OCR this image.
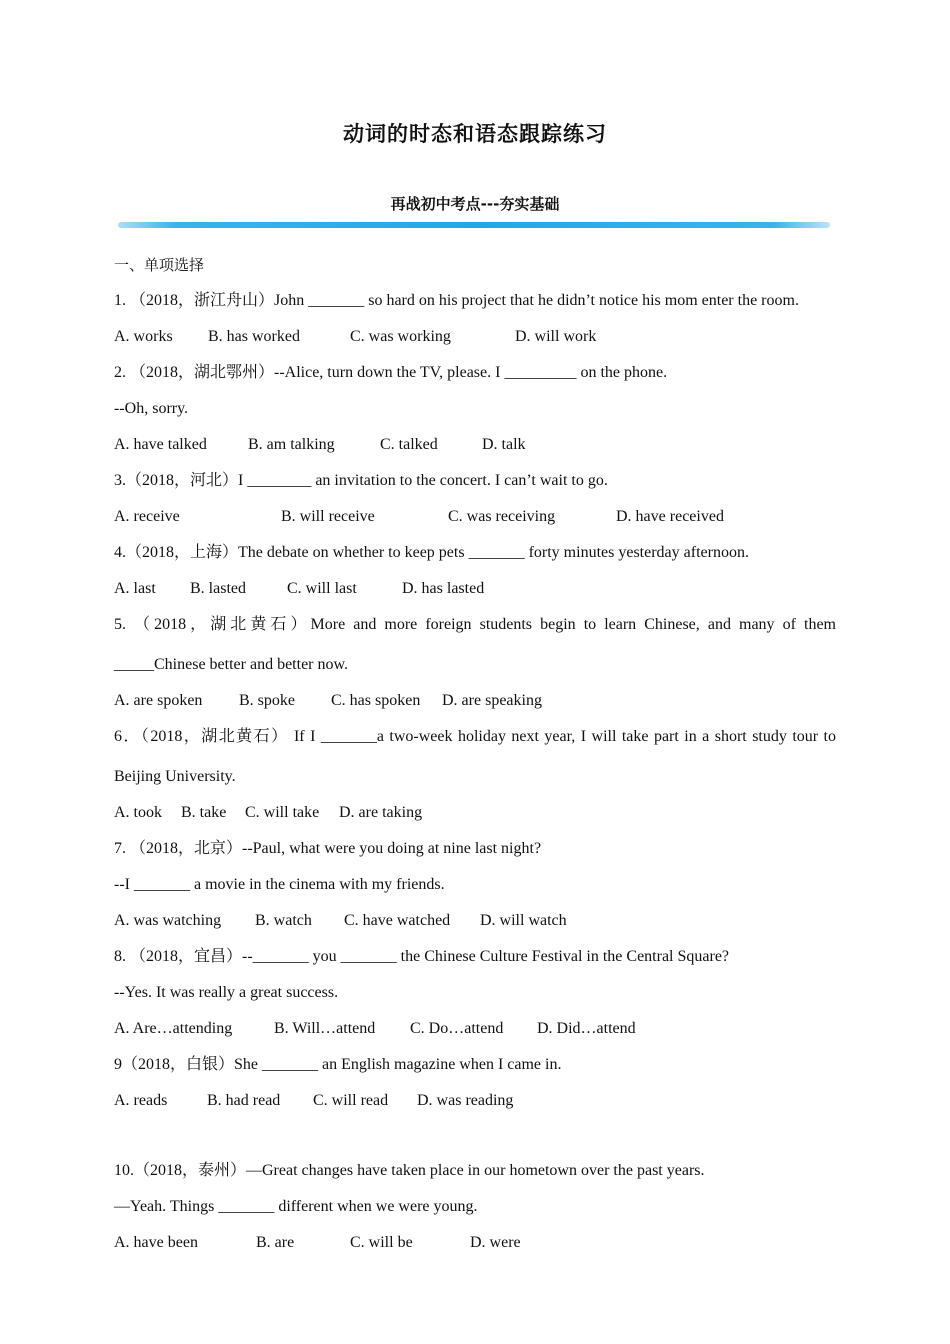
动词的时态和语态跟踪练习
再战初中考点---夯实基础
一、单项选择
1. （2018，浙江舟山）John _______ so hard on his project that he didn’t notice his mom enter the room.
A. works B. has worked	C. was working	D. will work
2. （2018，湖北鄂州）--Alice, turn down the TV, please. I _________ on the phone.
--Oh, sorry.
A. have talked	B. am talking	C. talked	D. talk
3.（2018，河北）I ________ an invitation to the concert. I can’t wait to go.
A. receive	B. will receive	C. was receiving	D. have received
4.（2018，上海）The debate on whether to keep pets _______ forty minutes yesterday afternoon.
A. last B. lasted	C. will last	D. has lasted
5. （2018，湖北黄石）More and more foreign students begin to learn Chinese, and many of them
_____Chinese better and better now.
A. are spoken B. spoke C. has spoken D. are speaking
6．（2018，湖北黄石） If I _______a two-week holiday next year, I will take part in a short study tour to
Beijing University.
A. took B. take C. will take D. are taking
7. （2018，北京）--Paul, what were you doing at nine last night?
--I _______ a movie in the cinema with my friends.
A. was watching B. watch C. have watched D. will watch
8. （2018，宜昌）--_______ you _______ the Chinese Culture Festival in the Central Square?
--Yes. It was really a great success.
A. Are…attending	B. Will…attend C. Do…attend D. Did…attend
9（2018，白银）She _______ an English magazine when I came in.
A. reads B. had read C. will read D. was reading
10.（2018，泰州）—Great changes have taken place in our hometown over the past years.
—Yeah. Things _______ different when we were young.
A. have been	B. are	C. will be	D. were
